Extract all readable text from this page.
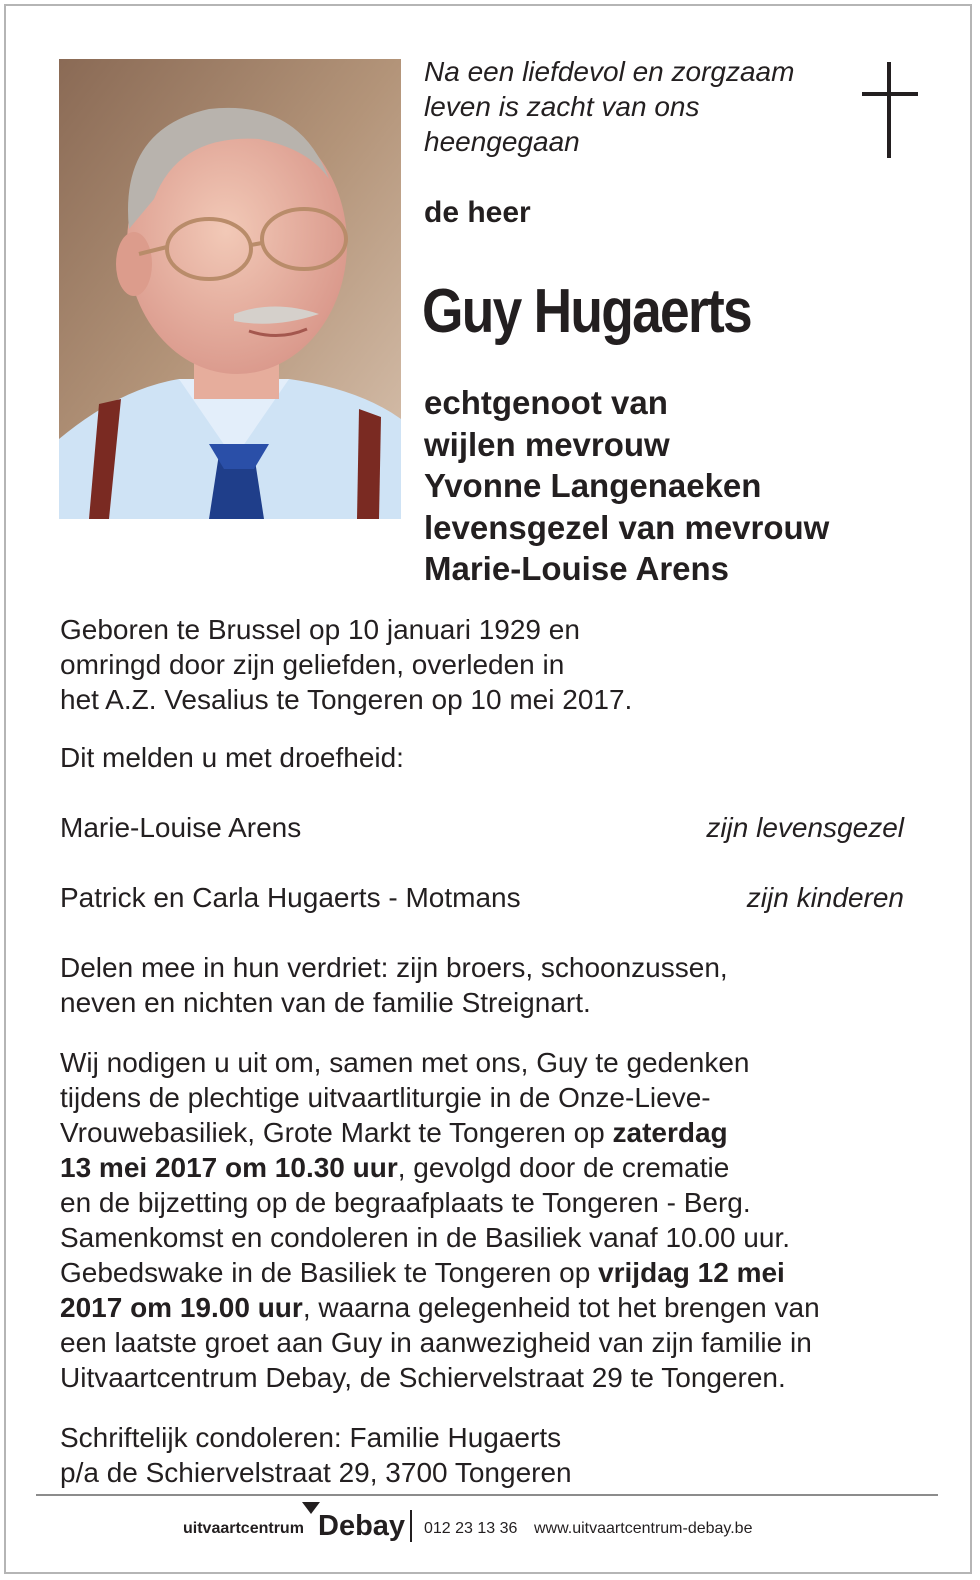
Na een liefdevol en zorgzaam
leven is zacht van ons
heengegaan

de heer

Guy Hugaerts
echtgenoot van
wijlen mevrouw
Yvonne Langenaeken
levensgezel van mevrouw
Marie-Louise Arens

Geboren te Brussel op 10 januari 1929 en
omringd door zijn geliefden, overleden in
het A.Z. Vesalius te Tongeren op 10 mei 2017.

Dit melden u met droefheid:

Marie-Louise Arens	zijn levensgezel
Patrick en Carla Hugaerts - Motmans	zijn kinderen

Delen mee in hun verdriet: zijn broers, schoonzussen,
neven en nichten van de familie Streignart.

Wij nodigen u uit om, samen met ons, Guy te gedenken
tijdens de plechtige uitvaartliturgie in de Onze-Lieve-
Vrouwebasiliek, Grote Markt te Tongeren op zaterdag
13 mei 2017 om 10.30 uur, gevolgd door de crematie
en de bijzetting op de begraafplaats te Tongeren - Berg.
Samenkomst en condoleren in de Basiliek vanaf 10.00 uur.
Gebedswake in de Basiliek te Tongeren op vrijdag 12 mei
2017 om 19.00 uur, waarna gelegenheid tot het brengen van
een laatste groet aan Guy in aanwezigheid van zijn familie in
Uitvaartcentrum Debay, de Schiervelstraat 29 te Tongeren.

Schriftelijk condoleren: Familie Hugaerts
p/a de Schiervelstraat 29, 3700 Tongeren

uitvaartcentrum Debay 012 23 13 36 www.uitvaartcentrum-debay.be
